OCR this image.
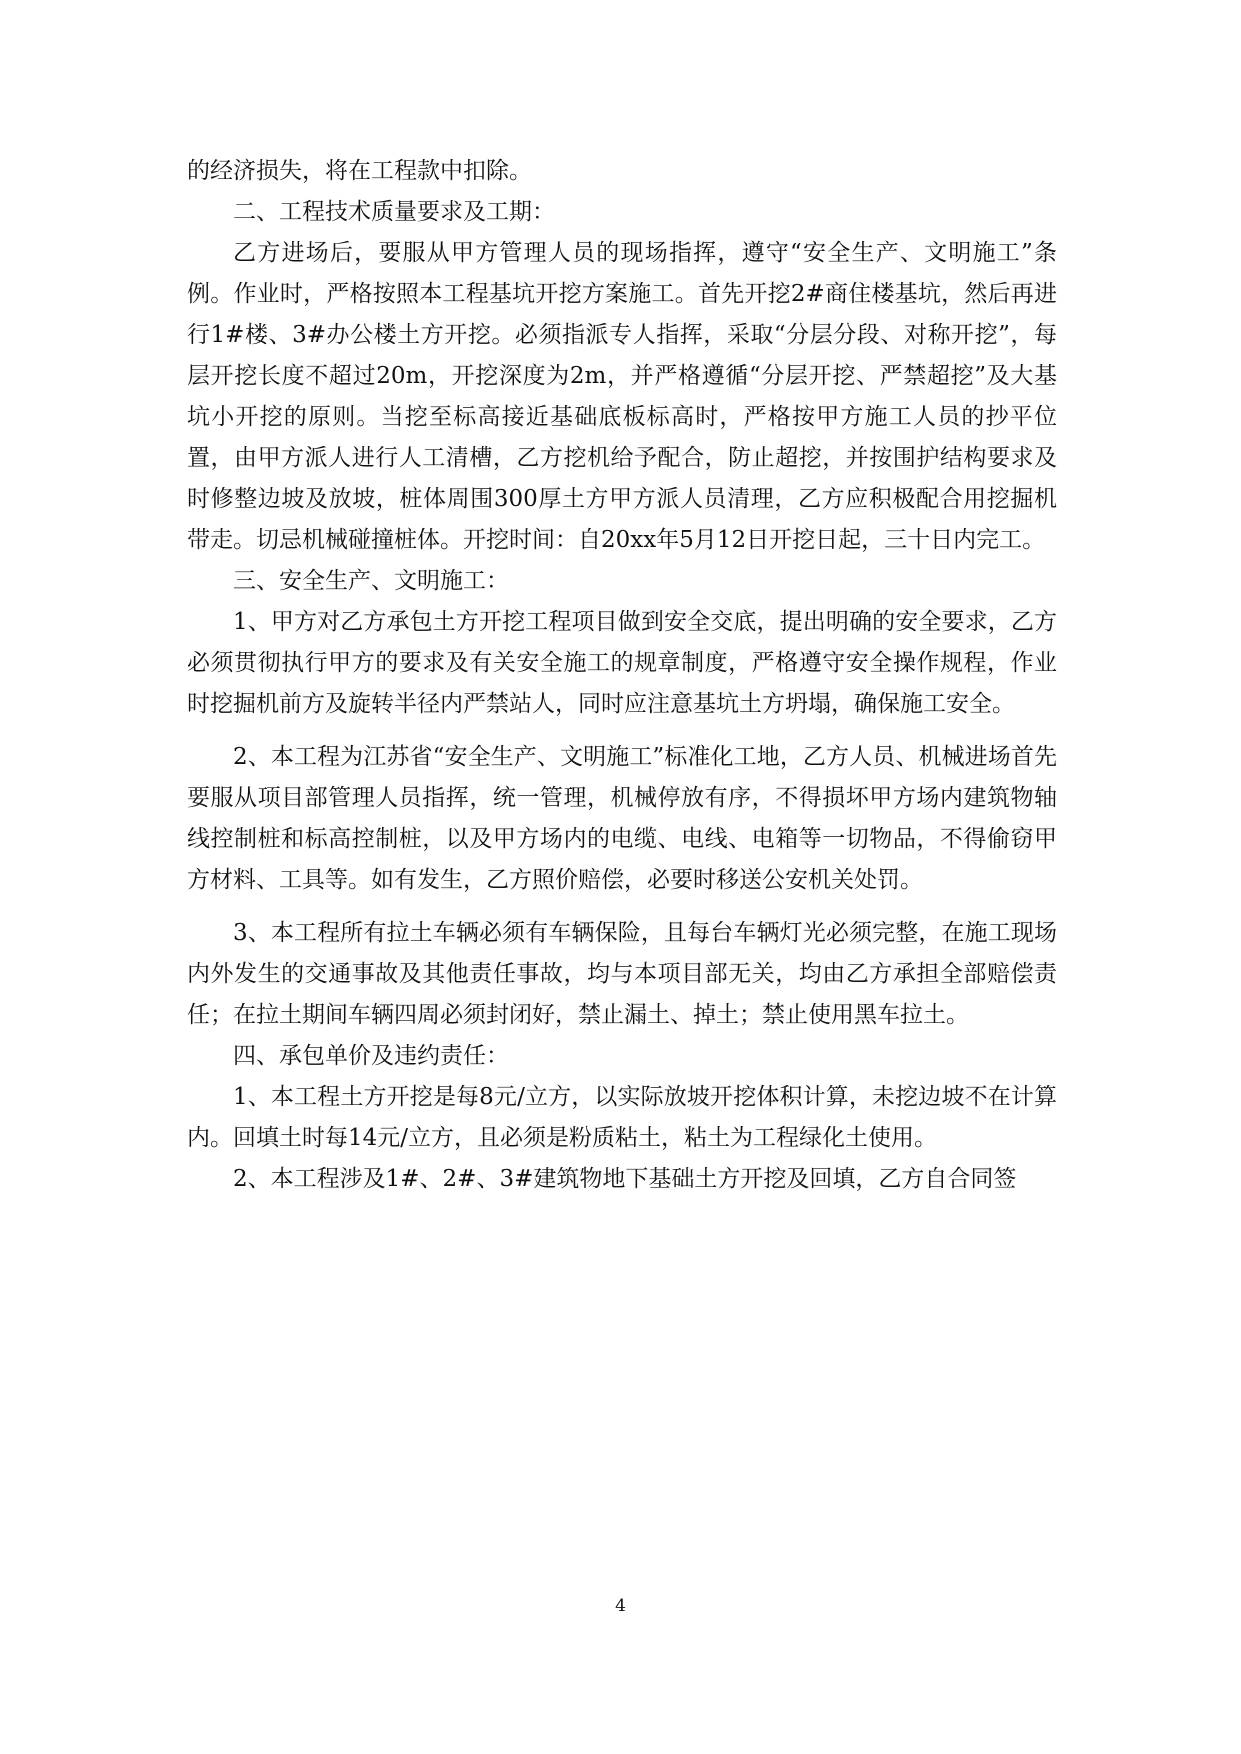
的经济损失，将在工程款中扣除。

二、工程技术质量要求及工期：

乙方进场后，要服从甲方管理人员的现场指挥，遵守“安全生产、文明施工”条例。作业时，严格按照本工程基坑开挖方案施工。首先开挖2#商住楼基坑，然后再进行1#楼、3#办公楼土方开挖。必须指派专人指挥，采取“分层分段、对称开挖”，每层开挖长度不超过20m，开挖深度为2m，并严格遵循“分层开挖、严禁超挖”及大基坑小开挖的原则。当挖至标高接近基础底板标高时，严格按甲方施工人员的抄平位置，由甲方派人进行人工清槽，乙方挖机给予配合，防止超挖，并按围护结构要求及时修整边坡及放坡，桩体周围300厚土方甲方派人员清理，乙方应积极配合用挖掘机带走。切忌机械碰撞桩体。开挖时间：自20xx年5月12日开挖日起，三十日内完工。

三、安全生产、文明施工：

1、甲方对乙方承包土方开挖工程项目做到安全交底，提出明确的安全要求，乙方必须贯彻执行甲方的要求及有关安全施工的规章制度，严格遵守安全操作规程，作业时挖掘机前方及旋转半径内严禁站人，同时应注意基坑土方坍塌，确保施工安全。

2、本工程为江苏省“安全生产、文明施工”标准化工地，乙方人员、机械进场首先要服从项目部管理人员指挥，统一管理，机械停放有序，不得损坏甲方场内建筑物轴线控制桩和标高控制桩，以及甲方场内的电缆、电线、电箱等一切物品，不得偷窃甲方材料、工具等。如有发生，乙方照价赔偿，必要时移送公安机关处罚。

3、本工程所有拉土车辆必须有车辆保险，且每台车辆灯光必须完整，在施工现场内外发生的交通事故及其他责任事故，均与本项目部无关，均由乙方承担全部赔偿责任；在拉土期间车辆四周必须封闭好，禁止漏土、掉土；禁止使用黑车拉土。

四、承包单价及违约责任：

1、本工程土方开挖是每8元/立方，以实际放坡开挖体积计算，未挖边坡不在计算内。回填土时每14元/立方，且必须是粉质粘土，粘土为工程绿化土使用。

2、本工程涉及1#、2#、3#建筑物地下基础土方开挖及回填，乙方自合同签

4
